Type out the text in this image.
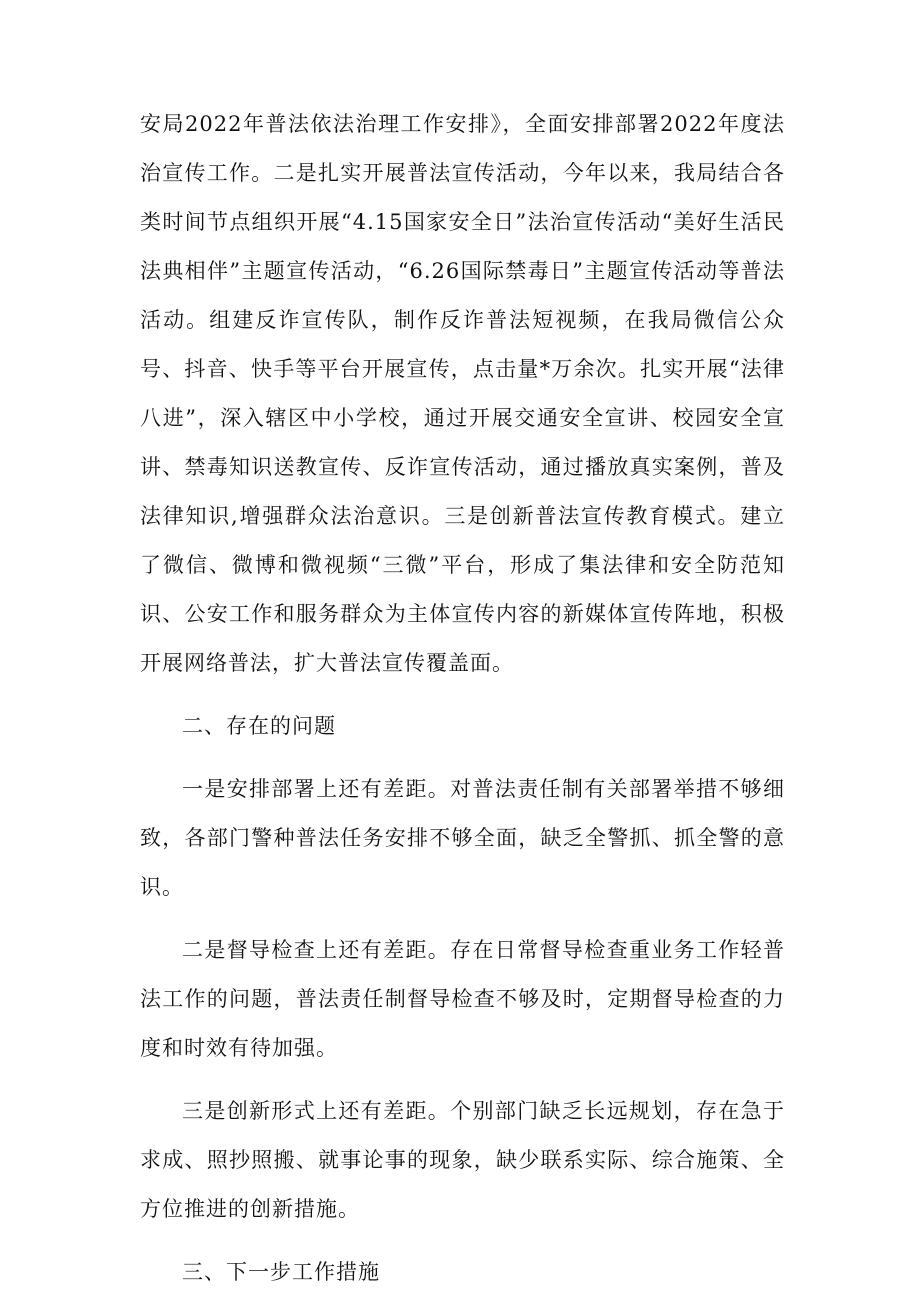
安局2022年普法依法治理工作安排》，全面安排部署2022年度法治宣传工作。二是扎实开展普法宣传活动，今年以来，我局结合各类时间节点组织开展“4.15国家安全日”法治宣传活动“美好生活民法典相伴”主题宣传活动，“6.26国际禁毒日”主题宣传活动等普法活动。组建反诈宣传队，制作反诈普法短视频，在我局微信公众号、抖音、快手等平台开展宣传，点击量*万余次。扎实开展“法律八进”，深入辖区中小学校，通过开展交通安全宣讲、校园安全宣讲、禁毒知识送教宣传、反诈宣传活动，通过播放真实案例，普及法律知识,增强群众法治意识。三是创新普法宣传教育模式。建立了微信、微博和微视频“三微”平台，形成了集法律和安全防范知识、公安工作和服务群众为主体宣传内容的新媒体宣传阵地，积极开展网络普法，扩大普法宣传覆盖面。

二、存在的问题

一是安排部署上还有差距。对普法责任制有关部署举措不够细致，各部门警种普法任务安排不够全面，缺乏全警抓、抓全警的意识。

二是督导检查上还有差距。存在日常督导检查重业务工作轻普法工作的问题，普法责任制督导检查不够及时，定期督导检查的力度和时效有待加强。

三是创新形式上还有差距。个别部门缺乏长远规划，存在急于求成、照抄照搬、就事论事的现象，缺少联系实际、综合施策、全方位推进的创新措施。

三、下一步工作措施
